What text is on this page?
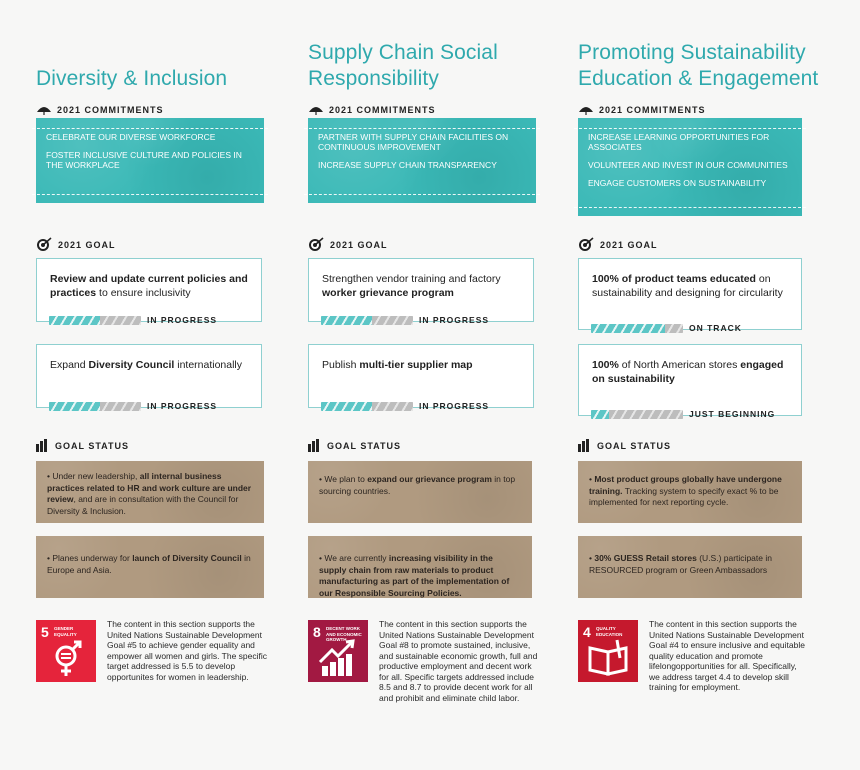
Diversity & Inclusion
2021 COMMITMENTS
CELEBRATE OUR DIVERSE WORKFORCE
FOSTER INCLUSIVE CULTURE AND POLICIES IN THE WORKPLACE
2021 GOAL
Review and update current policies and practices to ensure inclusivity
IN PROGRESS
Expand Diversity Council internationally
IN PROGRESS
GOAL STATUS
• Under new leadership, all internal business practices related to HR and work culture are under review, and are in consultation with the Council for Diversity & Inclusion.
• Planes underway for launch of Diversity Council in Europe and Asia.
5 GENDER EQUALITY
The content in this section supports the United Nations Sustainable Development Goal #5 to achieve gender equality and empower all women and girls. The specific target addressed is 5.5 to develop opportunites for women in leadership.
Supply Chain Social Responsibility
2021 COMMITMENTS
PARTNER WITH SUPPLY CHAIN FACILITIES ON CONTINUOUS IMPROVEMENT
INCREASE SUPPLY CHAIN TRANSPARENCY
2021 GOAL
Strengthen vendor training and factory worker grievance program
IN PROGRESS
Publish multi-tier supplier map
IN PROGRESS
GOAL STATUS
• We plan to expand our grievance program in top sourcing countries.
• We are currently increasing visibility in the supply chain from raw materials to product manufacturing as part of the implementation of our Responsible Sourcing Policies.
8 DECENT WORK AND ECONOMIC GROWTH
The content in this section supports the United Nations Sustainable Development Goal #8 to promote sustained, inclusive, and sustainable economic growth, full and productive employment and decent work for all. Specific targets addressed include 8.5 and 8.7 to provide decent work for all and prohibit and eliminate child labor.
Promoting Sustainability Education & Engagement
2021 COMMITMENTS
INCREASE LEARNING OPPORTUNITIES FOR ASSOCIATES
VOLUNTEER AND INVEST IN OUR COMMUNITIES
ENGAGE CUSTOMERS ON SUSTAINABILITY
2021 GOAL
100% of product teams educated on sustainability and designing for circularity
ON TRACK
100% of North American stores engaged on sustainability
JUST BEGINNING
GOAL STATUS
• Most product groups globally have undergone training. Tracking system to specify exact % to be implemented for next reporting cycle.
• 30% GUESS Retail stores (U.S.) participate in RESOURCED program or Green Ambassadors
4 QUALITY EDUCATION
The content in this section supports the United Nations Sustainable Development Goal #4 to ensure inclusive and equitable quality education and promote lifelongopportunities for all. Specifically, we address target 4.4 to develop skill training for employment.
